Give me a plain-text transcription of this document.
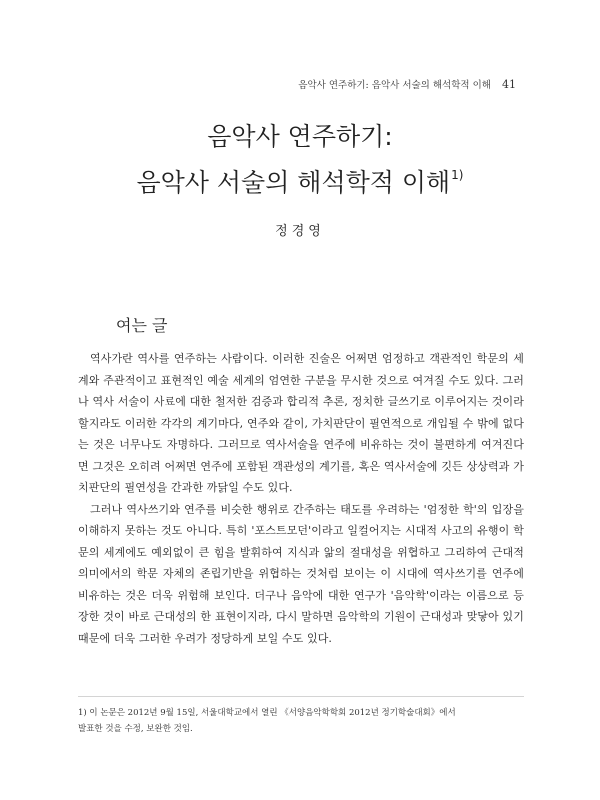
음악사 연주하기: 음악사 서술의 해석학적 이해 41
음악사 연주하기:
음악사 서술의 해석학적 이해$^{1)}$
정경영
여는 글

역사가란 역사를 연주하는 사람이다. 이러한 진술은 어쩌면 엄정하고 객관적인 학문의 세계와 주관적이고 표현적인 예술 세계의 엄연한 구분을 무시한 것으로 여겨질 수도 있다. 그러나 역사 서술이 사료에 대한 철저한 검증과 합리적 추론, 정치한 글쓰기로 이루어지는 것이라 할지라도 이러한 각각의 계기마다, 연주와 같이, 가치판단이 필연적으로 개입될 수 밖에 없다는 것은 너무나도 자명하다. 그러므로 역사서술을 연주에 비유하는 것이 불편하게 여겨진다면 그것은 오히려 어쩌면 연주에 포함된 객관성의 계기를, 혹은 역사서술에 깃든 상상력과 가치판단의 필연성을 간과한 까닭일 수도 있다.

그러나 역사쓰기와 연주를 비슷한 행위로 간주하는 태도를 우려하는 '엄정한 학'의 입장을 이해하지 못하는 것도 아니다. 특히 '포스트모던'이라고 일컬어지는 시대적 사고의 유행이 학문의 세계에도 예외없이 큰 힘을 발휘하여 지식과 앎의 절대성을 위협하고 그리하여 근대적 의미에서의 학문 자체의 존립기반을 위협하는 것처럼 보이는 이 시대에 역사쓰기를 연주에 비유하는 것은 더욱 위험해 보인다. 더구나 음악에 대한 연구가 '음악학'이라는 이름으로 등장한 것이 바로 근대성의 한 표현이지라, 다시 말하면 음악학의 기원이 근대성과 맞닿아 있기 때문에 더욱 그러한 우려가 정당하게 보일 수도 있다.

1) 이 논문은 2012년 9월 15일, 서울대학교에서 열린 《서양음악학학회 2012년 정기학술대회》에서

발표한 것을 수정, 보완한 것임.
